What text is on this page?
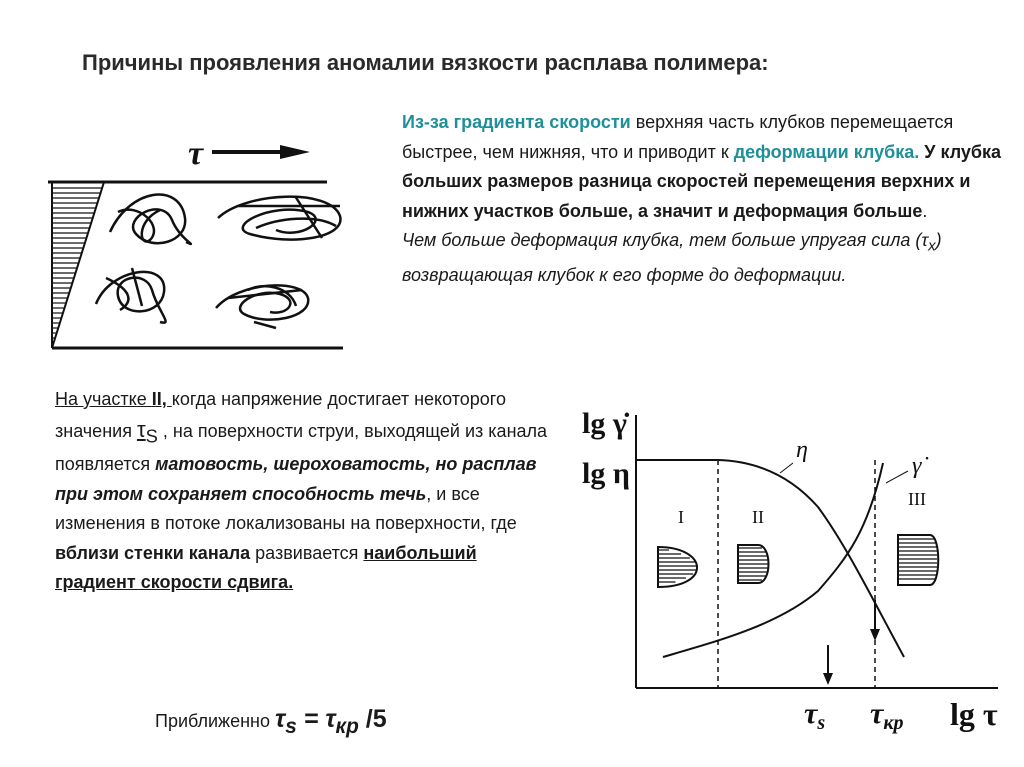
Причины проявления аномалии вязкости расплава полимера:
τ
Из-за градиента скорости верхняя часть клубков перемещается быстрее, чем нижняя, что и приводит к деформации клубка. У клубка больших размеров разница скоростей перемещения верхних и нижних участков больше, а значит и деформация больше.
Чем больше деформация клубка, тем больше упругая сила $(\tau_х)$ возвращающая клубок к его форме до деформации.
На участке II, когда напряжение достигает некоторого значения $\tau_S$ , на поверхности струи, выходящей из канала появляется матовость, шероховатость, но расплав при этом сохраняет способность течь, и все изменения в потоке локализованы на поверхности, где вблизи стенки канала развивается наибольший градиент скорости сдвига.
Приближенно $\tau_s = \tau_{кр}$ /5
lg γ̇
lg η
lg τ
I	II
III
η
γ̇
$\tau_s$ $\tau_{кр}$
